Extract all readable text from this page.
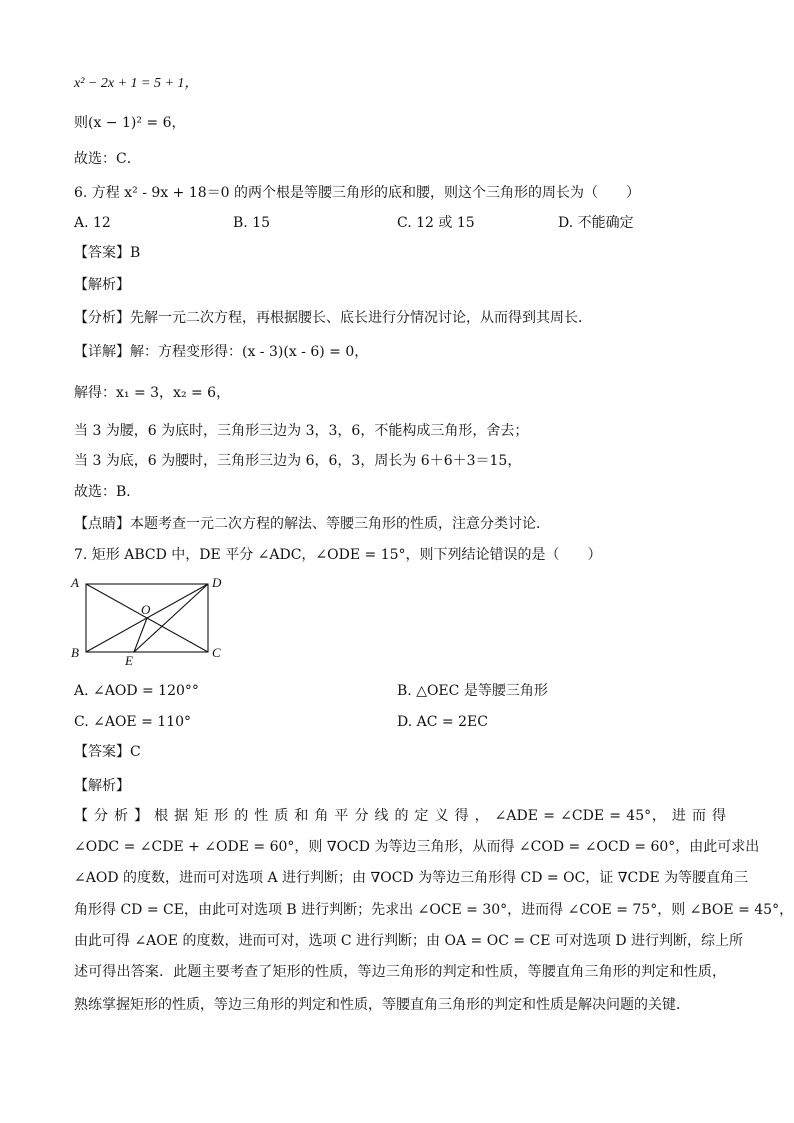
x² − 2x + 1 = 5 + 1，
则(x − 1)² = 6，
故选：C．
6. 方程 x² - 9x + 18＝0 的两个根是等腰三角形的底和腰，则这个三角形的周长为（　　）
A. 12	B. 15	C. 12 或 15	D. 不能确定
【答案】B
【解析】
【分析】先解一元二次方程，再根据腰长、底长进行分情况讨论，从而得到其周长．
【详解】解：方程变形得：(x - 3)(x - 6) = 0，
解得：x₁ = 3，x₂ = 6，
当 3 为腰，6 为底时，三角形三边为 3，3，6，不能构成三角形，舍去；
当 3 为底，6 为腰时，三角形三边为 6，6，3，周长为 6＋6＋3＝15，
故选：B．
【点睛】本题考查一元二次方程的解法、等腰三角形的性质，注意分类讨论．
7. 矩形 ABCD 中，DE 平分 ∠ADC，∠ODE = 15°，则下列结论错误的是（　　）
A	D
B	C
O
E
A. ∠AOD = 120°°	B. △OEC 是等腰三角形
C. ∠AOE = 110°	D. AC = 2EC
【答案】C
【解析】
【 分 析 】 根 据 矩 形 的 性 质 和 角 平 分 线 的 定 义 得 ， ∠ADE = ∠CDE = 45°， 进 而 得
∠ODC = ∠CDE + ∠ODE = 60°，则 ∇OCD 为等边三角形，从而得 ∠COD = ∠OCD = 60°，由此可求出
∠AOD 的度数，进而可对选项 A 进行判断；由 ∇OCD 为等边三角形得 CD = OC，证 ∇CDE 为等腰直角三
角形得 CD = CE，由此可对选项 B 进行判断；先求出 ∠OCE = 30°，进而得 ∠COE = 75°，则 ∠BOE = 45°，
由此可得 ∠AOE 的度数，进而可对，选项 C 进行判断；由 OA = OC = CE 可对选项 D 进行判断，综上所
述可得出答案．此题主要考查了矩形的性质，等边三角形的判定和性质，等腰直角三角形的判定和性质，
熟练掌握矩形的性质，等边三角形的判定和性质，等腰直角三角形的判定和性质是解决问题的关键．
